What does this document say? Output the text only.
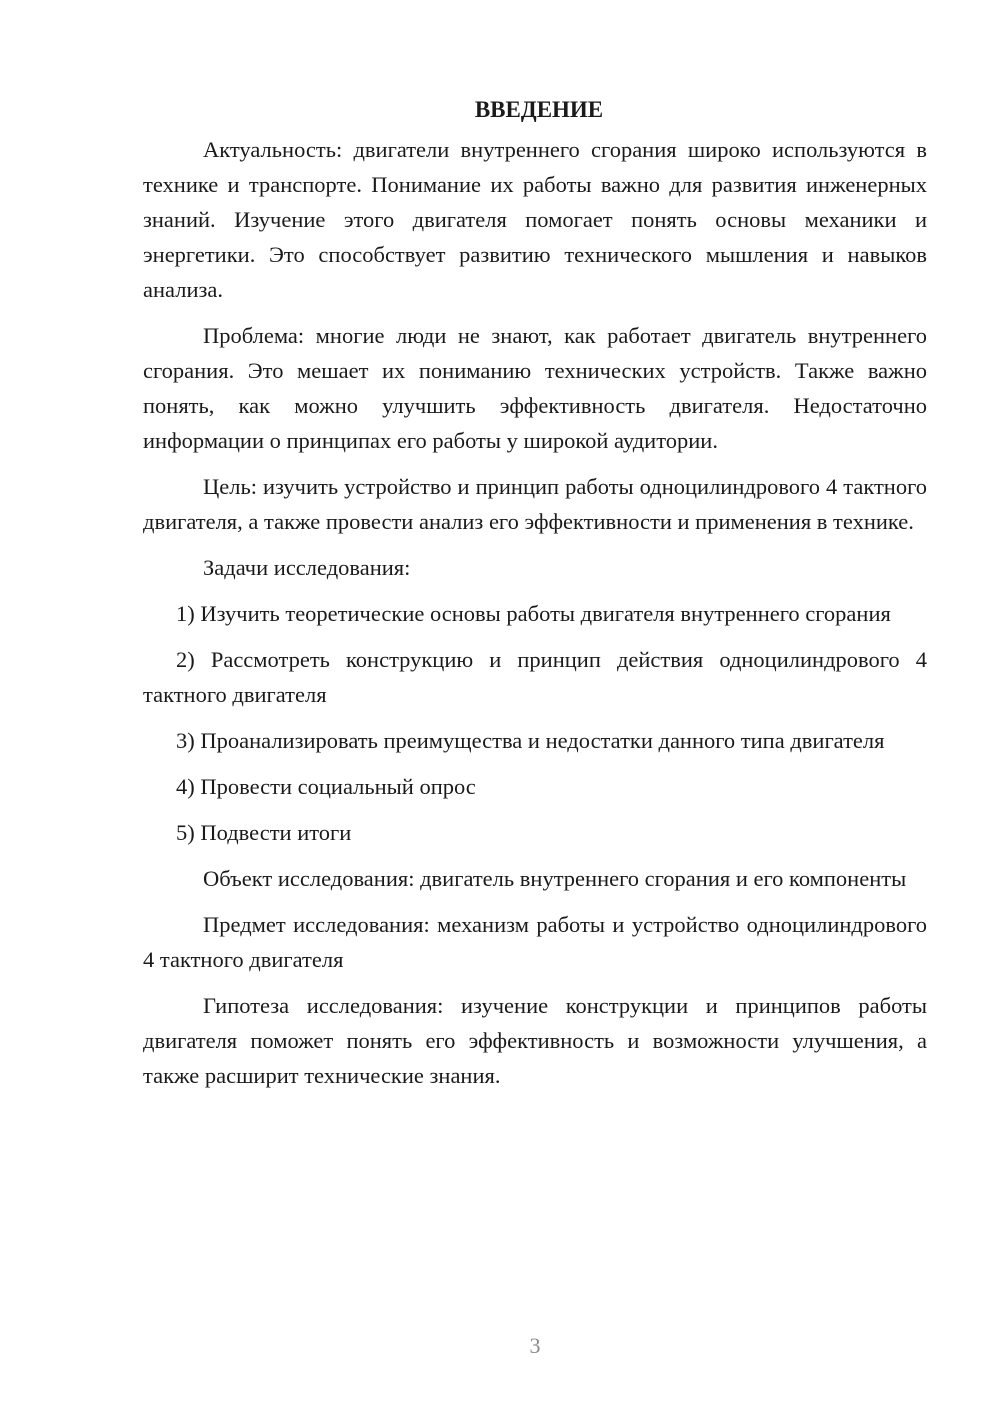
ВВЕДЕНИЕ

Актуальность: двигатели внутреннего сгорания широко используются в технике и транспорте. Понимание их работы важно для развития инженерных знаний. Изучение этого двигателя помогает понять основы механики и энергетики. Это способствует развитию технического мышления и навыков анализа.

Проблема: многие люди не знают, как работает двигатель внутреннего сгорания. Это мешает их пониманию технических устройств. Также важно понять, как можно улучшить эффективность двигателя. Недостаточно информации о принципах его работы у широкой аудитории.

Цель: изучить устройство и принцип работы одноцилиндрового 4 тактного двигателя, а также провести анализ его эффективности и применения в технике.

Задачи исследования:

1) Изучить теоретические основы работы двигателя внутреннего сгорания

2) Рассмотреть конструкцию и принцип действия одноцилиндрового 4 тактного двигателя

3) Проанализировать преимущества и недостатки данного типа двигателя

4) Провести социальный опрос

5) Подвести итоги

Объект исследования: двигатель внутреннего сгорания и его компоненты

Предмет исследования: механизм работы и устройство одноцилиндрового 4 тактного двигателя

Гипотеза исследования: изучение конструкции и принципов работы двигателя поможет понять его эффективность и возможности улучшения, а также расширит технические знания.

3
